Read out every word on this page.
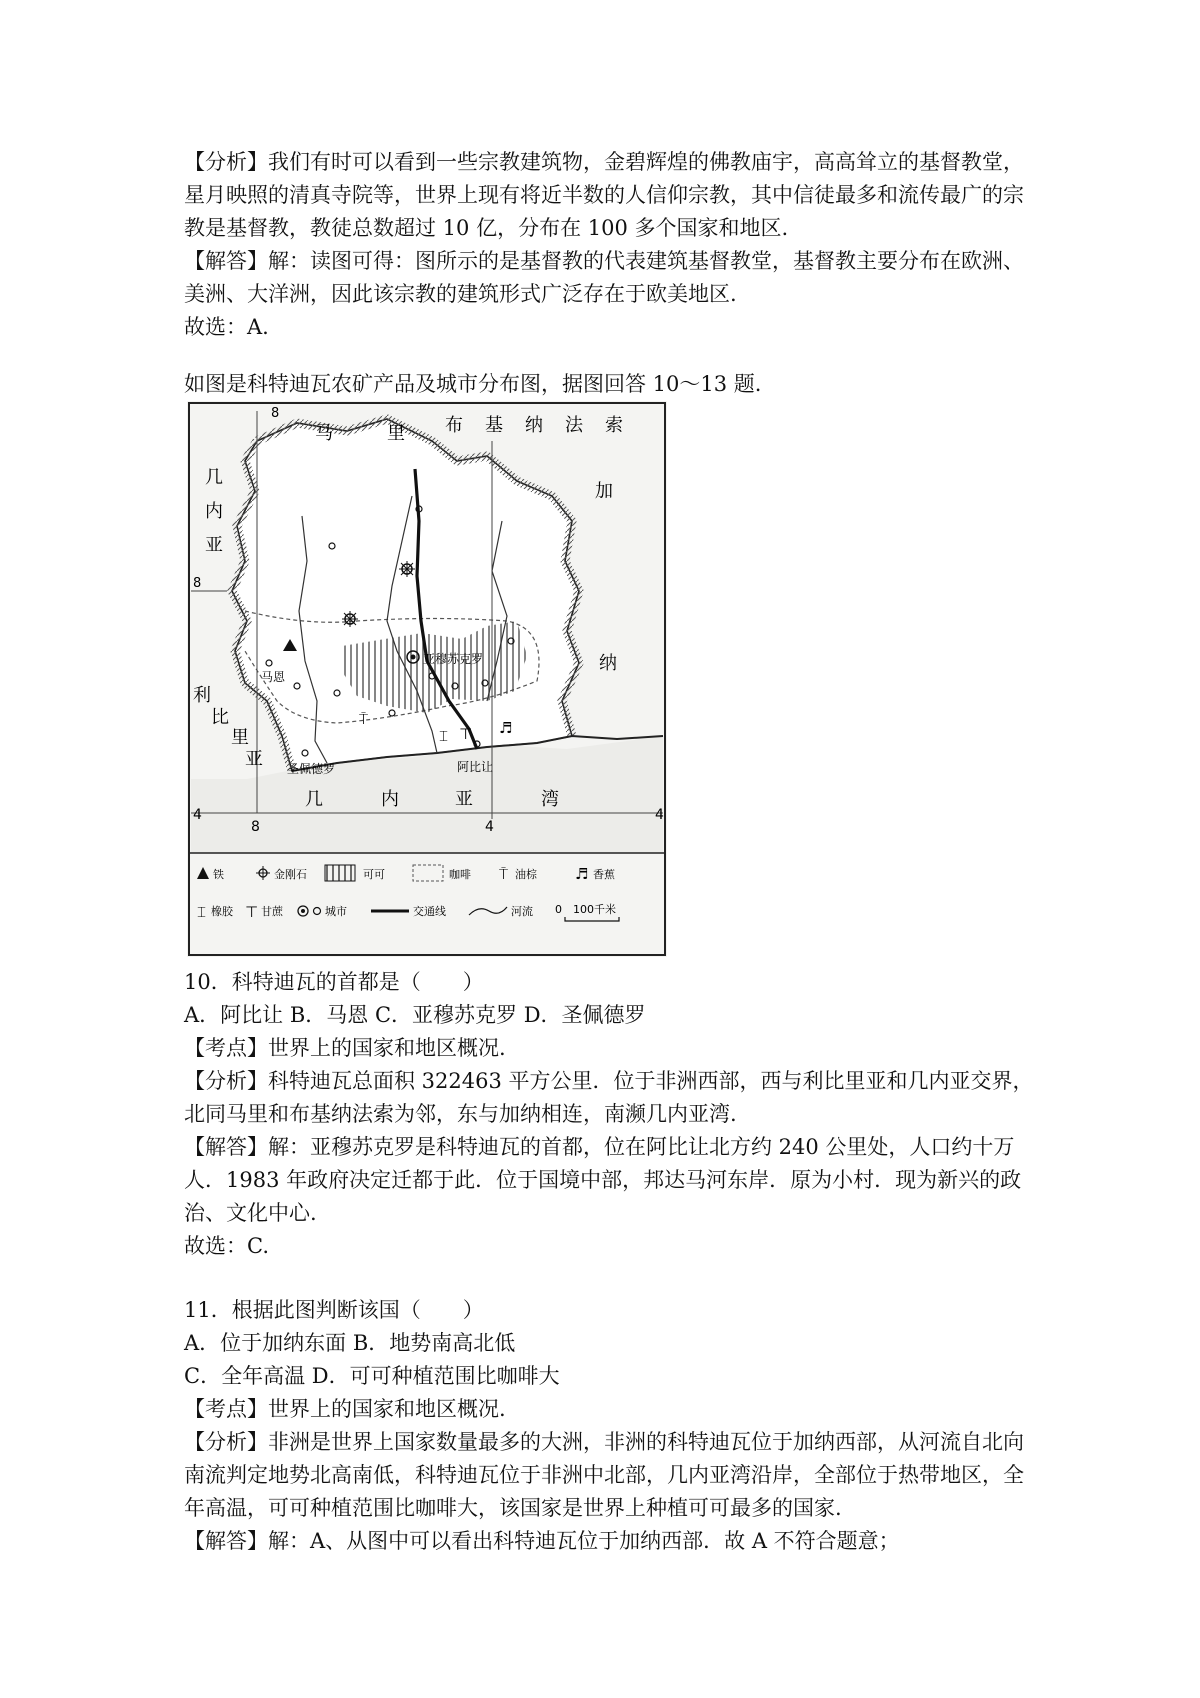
【分析】我们有时可以看到一些宗教建筑物，金碧辉煌的佛教庙宇，高高耸立的基督教堂，星月映照的清真寺院等，世界上现有将近半数的人信仰宗教，其中信徒最多和流传最广的宗教是基督教，教徒总数超过 10 亿，分布在 100 多个国家和地区.

【解答】解：读图可得：图所示的是基督教的代表建筑基督教堂，基督教主要分布在欧洲、美洲、大洋洲，因此该宗教的建筑形式广泛存在于欧美地区.

故选：A.

如图是科特迪瓦农矿产品及城市分布图，据图回答 10～13 题.

8
8	4
4
4
8
马	里 布 基 纳 法 索
几
内
亚
加
纳
利
比
里
亚
几	内	亚	湾
⍑
⌶ ⊤ ♬
马恩
亚穆苏克罗
圣佩德罗	阿比让
铁	金刚石	可可	咖啡 ⍑ 油棕	♬ 香蕉
⌶ 橡胶 ⊤ 甘蔗	城市	交通线	河流 0 100千米

10．科特迪瓦的首都是（　　）

A．阿比让 B．马恩 C．亚穆苏克罗 D．圣佩德罗

【考点】世界上的国家和地区概况.

【分析】科特迪瓦总面积 322463 平方公里．位于非洲西部，西与利比里亚和几内亚交界，北同马里和布基纳法索为邻，东与加纳相连，南濒几内亚湾.

【解答】解：亚穆苏克罗是科特迪瓦的首都，位在阿比让北方约 240 公里处，人口约十万人．1983 年政府决定迁都于此．位于国境中部，邦达马河东岸．原为小村．现为新兴的政治、文化中心.

故选：C.

11．根据此图判断该国（　　）

A．位于加纳东面 B．地势南高北低

C．全年高温 D．可可种植范围比咖啡大

【考点】世界上的国家和地区概况.

【分析】非洲是世界上国家数量最多的大洲，非洲的科特迪瓦位于加纳西部，从河流自北向南流判定地势北高南低，科特迪瓦位于非洲中北部，几内亚湾沿岸，全部位于热带地区，全年高温，可可种植范围比咖啡大，该国家是世界上种植可可最多的国家.

【解答】解：A、从图中可以看出科特迪瓦位于加纳西部．故 A 不符合题意；
